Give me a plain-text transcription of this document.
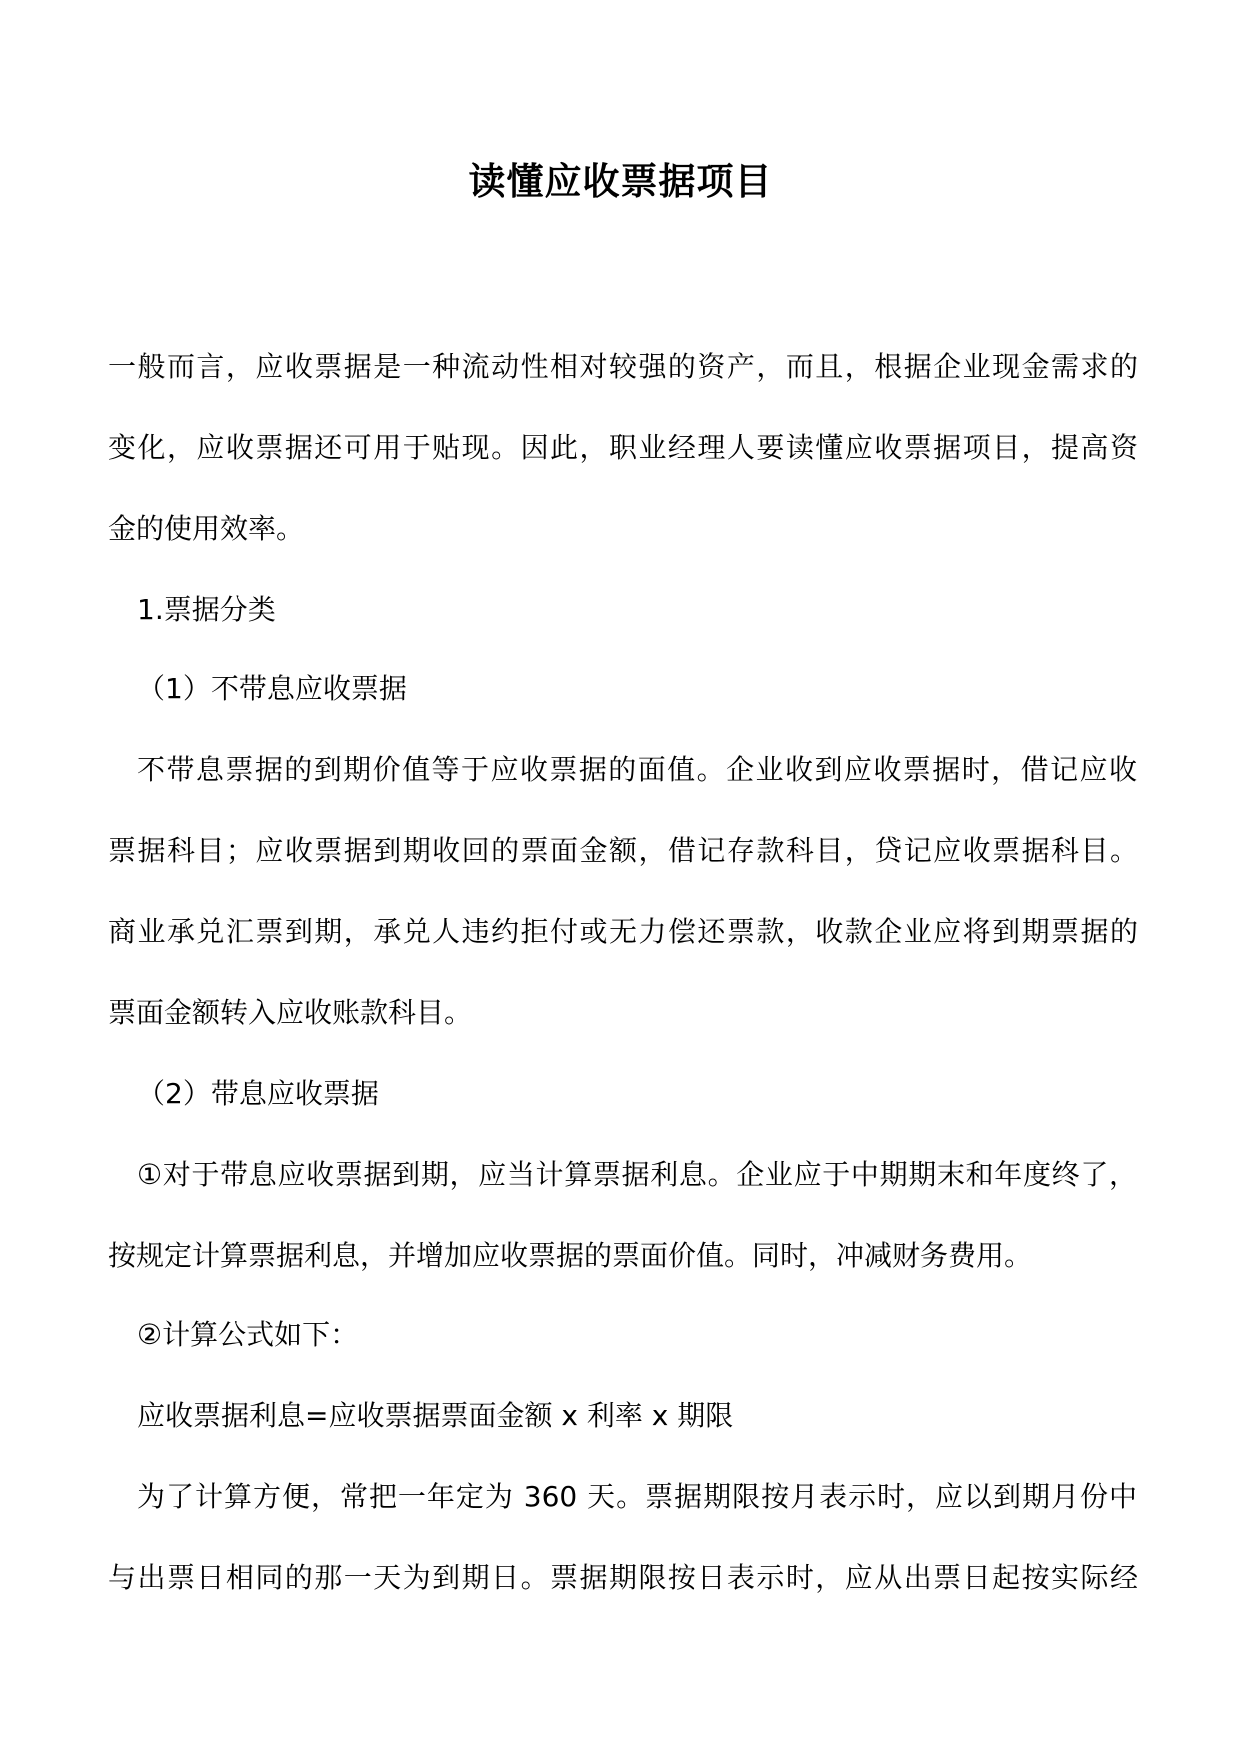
读懂应收票据项目
一般而言，应收票据是一种流动性相对较强的资产，而且，根据企业现金需求的
变化，应收票据还可用于贴现。因此，职业经理人要读懂应收票据项目，提高资
金的使用效率。
1.票据分类
（1）不带息应收票据
不带息票据的到期价值等于应收票据的面值。企业收到应收票据时，借记应收
票据科目；应收票据到期收回的票面金额，借记存款科目，贷记应收票据科目。
商业承兑汇票到期，承兑人违约拒付或无力偿还票款，收款企业应将到期票据的
票面金额转入应收账款科目。
（2）带息应收票据
①对于带息应收票据到期，应当计算票据利息。企业应于中期期末和年度终了，
按规定计算票据利息，并增加应收票据的票面价值。同时，冲减财务费用。
②计算公式如下：
应收票据利息=应收票据票面金额 x 利率 x 期限
为了计算方便，常把一年定为 360 天。票据期限按月表示时，应以到期月份中
与出票日相同的那一天为到期日。票据期限按日表示时，应从出票日起按实际经
